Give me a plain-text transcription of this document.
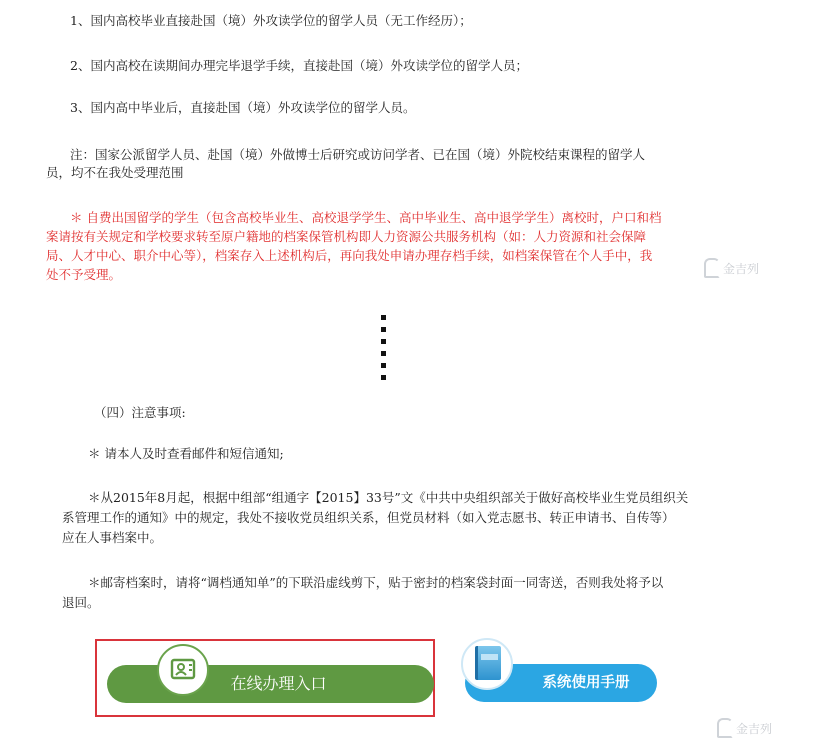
1、国内高校毕业直接赴国（境）外攻读学位的留学人员（无工作经历）；
2、国内高校在读期间办理完毕退学手续，直接赴国（境）外攻读学位的留学人员；
3、国内高中毕业后，直接赴国（境）外攻读学位的留学人员。
注：国家公派留学人员、赴国（境）外做博士后研究或访问学者、已在国（境）外院校结束课程的留学人
员，均不在我处受理范围
＊ 自费出国留学的学生（包含高校毕业生、高校退学学生、高中毕业生、高中退学学生）离校时，户口和档
案请按有关规定和学校要求转至原户籍地的档案保管机构即人力资源公共服务机构（如：人力资源和社会保障
局、人才中心、职介中心等），档案存入上述机构后，再向我处申请办理存档手续，如档案保管在个人手中，我
处不予受理。	金吉列
（四）注意事项:
＊ 请本人及时查看邮件和短信通知;
＊从2015年8月起，根据中组部“组通字【2015】33号”文《中共中央组织部关于做好高校毕业生党员组织关
系管理工作的通知》中的规定，我处不接收党员组织关系，但党员材料（如入党志愿书、转正申请书、自传等）
应在人事档案中。
＊邮寄档案时，请将“调档通知单”的下联沿虚线剪下，贴于密封的档案袋封面一同寄送，否则我处将予以
退回。
在线办理入口	系统使用手册
金吉列
